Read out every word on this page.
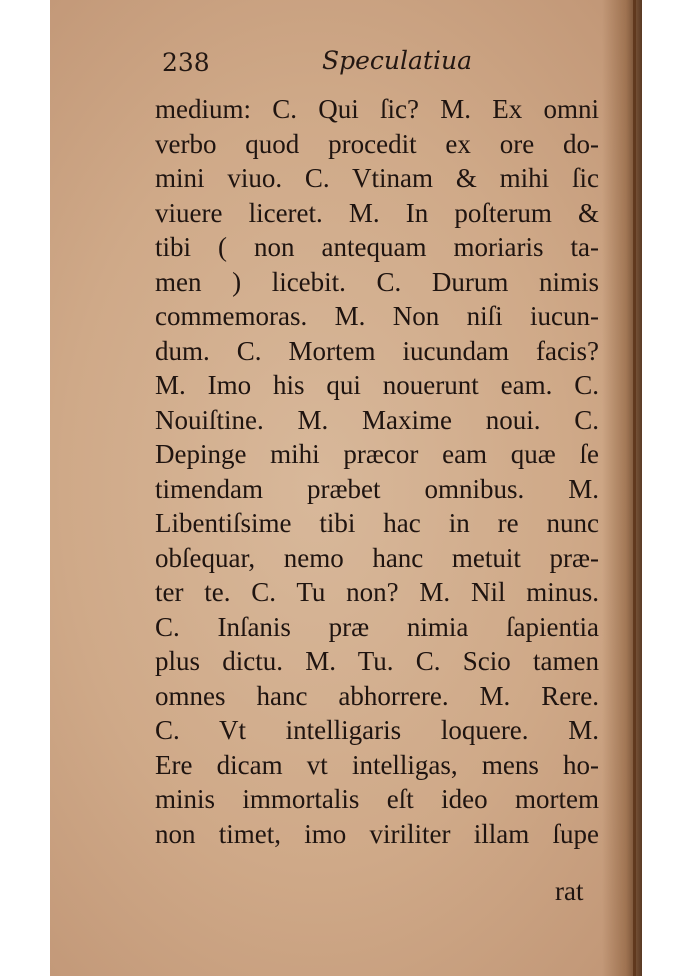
238	Speculatiua
medium: C. Qui ſic? M. Ex omni
verbo quod procedit ex ore do-
mini viuo. C. Vtinam & mihi ſic
viuere liceret. M. In poſterum &
tibi ( non antequam moriaris ta-
men ) licebit. C. Durum nimis
commemoras. M. Non niſi iucun-
dum. C. Mortem iucundam facis?
M. Imo his qui nouerunt eam. C.
Nouiſtine. M. Maxime noui. C.
Depinge mihi præcor eam quæ ſe
timendam præbet omnibus. M.
Libentiſsime tibi hac in re nunc
obſequar, nemo hanc metuit præ-
ter te. C. Tu non? M. Nil minus.
C. Inſanis præ nimia ſapientia
plus dictu. M. Tu. C. Scio tamen
omnes hanc abhorrere. M. Rere.
C. Vt intelligaris loquere. M.
Ere dicam vt intelligas, mens ho-
minis immortalis eſt ideo mortem
non timet, imo viriliter illam ſupe
rat
